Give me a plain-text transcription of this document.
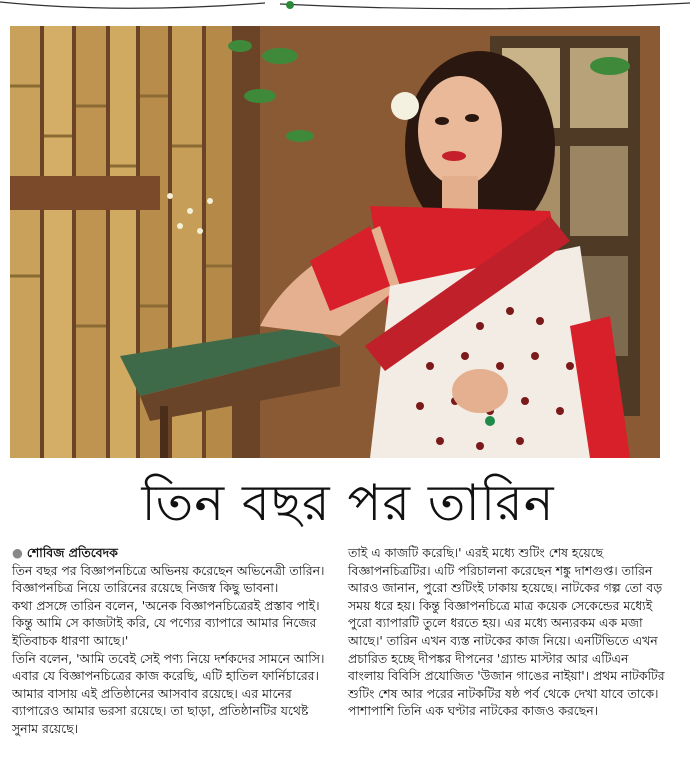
তিন বছর পর তারিন

● শোবিজ প্রতিবেদক

তিন বছর পর বিজ্ঞাপনচিত্রে অভিনয় করেছেন অভিনেত্রী তারিন। বিজ্ঞাপনচিত্র নিয়ে তারিনের রয়েছে নিজস্ব কিছু ভাবনা।

কথা প্রসঙ্গে তারিন বলেন, 'অনেক বিজ্ঞাপনচিত্রেরই প্রস্তাব পাই। কিন্তু আমি সে কাজটাই করি, যে পণ্যের ব্যাপারে আমার নিজের ইতিবাচক ধারণা আছে।'

তিনি বলেন, 'আমি তবেই সেই পণ্য নিয়ে দর্শকদের সামনে আসি। এবার যে বিজ্ঞাপনচিত্রের কাজ করেছি, এটি হাতিল ফার্নিচারের। আমার বাসায় এই প্রতিষ্ঠানের আসবাব রয়েছে। এর মানের ব্যাপারেও আমার ভরসা রয়েছে। তা ছাড়া, প্রতিষ্ঠানটির যথেষ্ট সুনাম রয়েছে।

তাই এ কাজটি করেছি।' এরই মধ্যে শুটিং শেষ হয়েছে বিজ্ঞাপনচিত্রটির। এটি পরিচালনা করেছেন শঙ্কু দাশগুপ্ত। তারিন আরও জানান, পুরো শুটিংই ঢাকায় হয়েছে। নাটকের গল্প তো বড় সময় ধরে হয়। কিন্তু বিজ্ঞাপনচিত্রে মাত্র কয়েক সেকেন্ডের মধ্যেই পুরো ব্যাপারটি তুলে ধরতে হয়। এর মধ্যে অন্যরকম এক মজা আছে।' তারিন এখন ব্যস্ত নাটকের কাজ নিয়ে। এনটিভিতে এখন প্রচারিত হচ্ছে দীপঙ্কর দীপনের 'গ্র্যান্ড মাস্টার আর এটিএন বাংলায় বিবিসি প্রযোজিত 'উজান গাঙের নাইয়া'। প্রথম নাটকটির শুটিং শেষ আর পরের নাটকটির ষষ্ঠ পর্ব থেকে দেখা যাবে তাকে। পাশাপাশি তিনি এক ঘণ্টার নাটকের কাজও করছেন।
